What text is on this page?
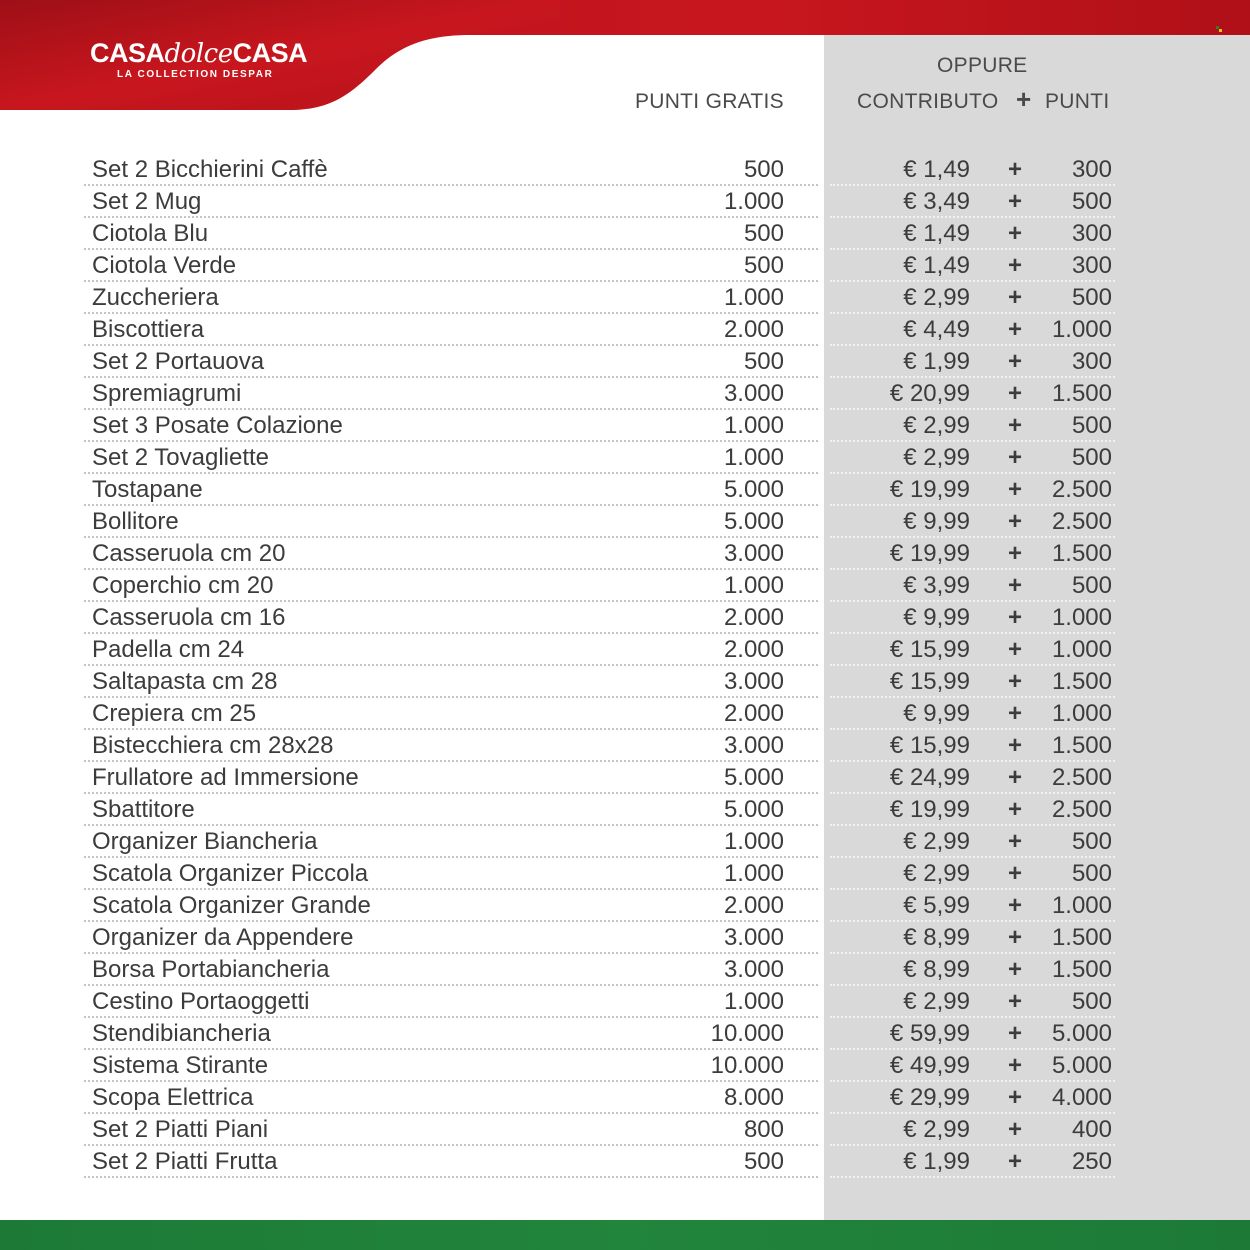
CASAdolceCASA
LA COLLECTION DESPAR
PUNTI GRATIS
OPPURE
CONTRIBUTO + PUNTI
Set 2 Bicchierini Caffè	500	€ 1,49 + 300
Set 2 Mug	1.000	€ 3,49 + 500
Ciotola Blu	500	€ 1,49 + 300
Ciotola Verde	500	€ 1,49 + 300
Zuccheriera	1.000	€ 2,99 + 500
Biscottiera	2.000	€ 4,49 + 1.000
Set 2 Portauova	500	€ 1,99 + 300
Spremiagrumi	3.000	€ 20,99 + 1.500
Set 3 Posate Colazione	1.000	€ 2,99 + 500
Set 2 Tovagliette	1.000	€ 2,99 + 500
Tostapane	5.000	€ 19,99 + 2.500
Bollitore	5.000	€ 9,99 + 2.500
Casseruola cm 20	3.000	€ 19,99 + 1.500
Coperchio cm 20	1.000	€ 3,99 + 500
Casseruola cm 16	2.000	€ 9,99 + 1.000
Padella cm 24	2.000	€ 15,99 + 1.000
Saltapasta cm 28	3.000	€ 15,99 + 1.500
Crepiera cm 25	2.000	€ 9,99 + 1.000
Bistecchiera cm 28x28	3.000	€ 15,99 + 1.500
Frullatore ad Immersione	5.000	€ 24,99 + 2.500
Sbattitore	5.000	€ 19,99 + 2.500
Organizer Biancheria	1.000	€ 2,99 + 500
Scatola Organizer Piccola	1.000	€ 2,99 + 500
Scatola Organizer Grande	2.000	€ 5,99 + 1.000
Organizer da Appendere	3.000	€ 8,99 + 1.500
Borsa Portabiancheria	3.000	€ 8,99 + 1.500
Cestino Portaoggetti	1.000	€ 2,99 + 500
Stendibiancheria	10.000	€ 59,99 + 5.000
Sistema Stirante	10.000	€ 49,99 + 5.000
Scopa Elettrica	8.000	€ 29,99 + 4.000
Set 2 Piatti Piani	800	€ 2,99 + 400
Set 2 Piatti Frutta	500	€ 1,99 + 250
